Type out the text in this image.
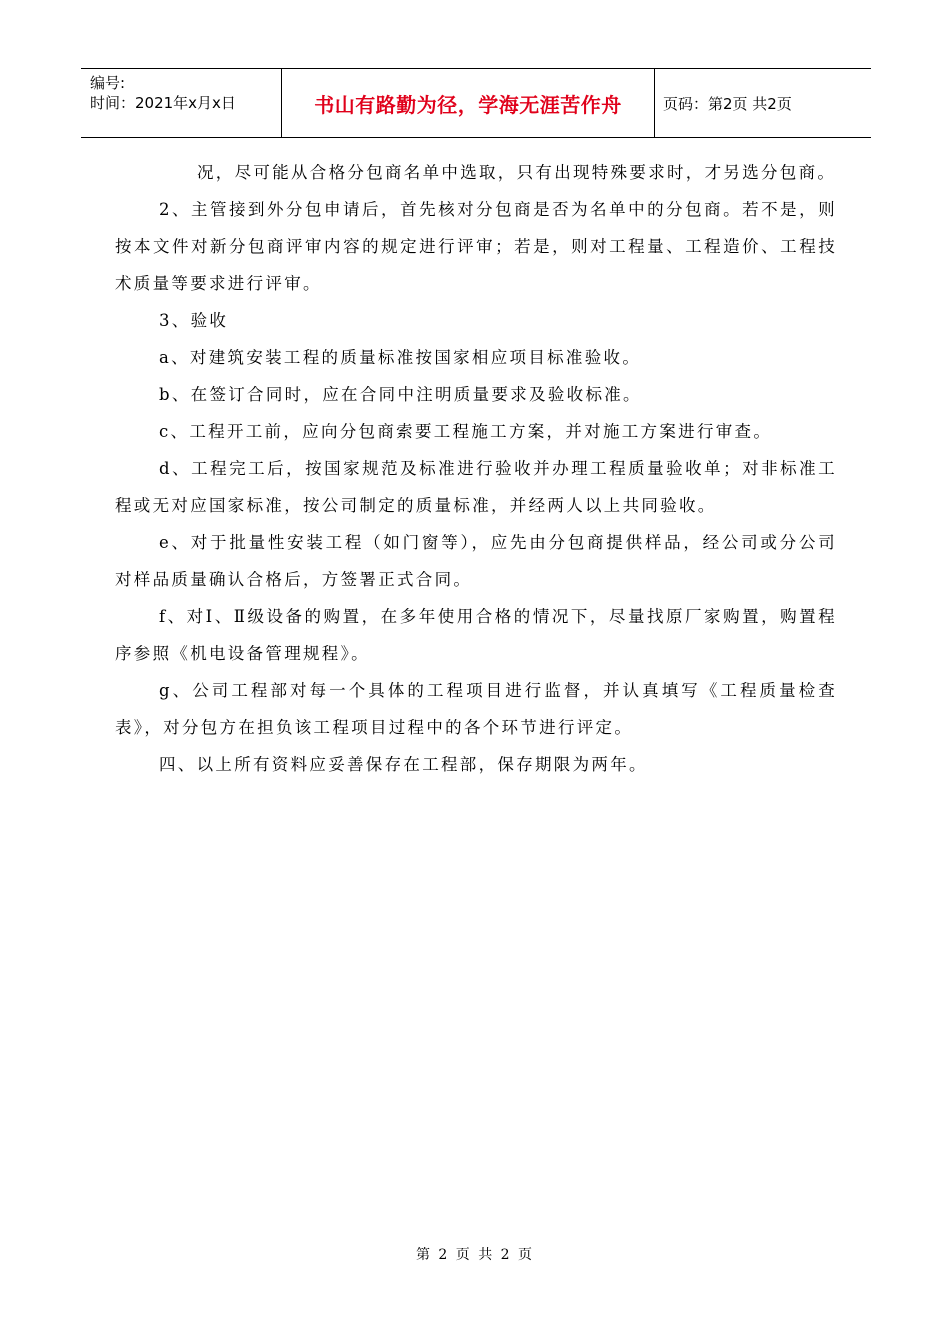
编号:
时间：2021年x月x日	书山有路勤为径，学海无涯苦作舟	页码：第2页 共2页

况，尽可能从合格分包商名单中选取，只有出现特殊要求时，才另选分包商。

2、主管接到外分包申请后，首先核对分包商是否为名单中的分包商。若不是，则按本文件对新分包商评审内容的规定进行评审；若是，则对工程量、工程造价、工程技术质量等要求进行评审。

3、验收

a、对建筑安装工程的质量标准按国家相应项目标准验收。

b、在签订合同时，应在合同中注明质量要求及验收标准。

c、工程开工前，应向分包商索要工程施工方案，并对施工方案进行审查。

d、工程完工后，按国家规范及标准进行验收并办理工程质量验收单；对非标准工程或无对应国家标准，按公司制定的质量标准，并经两人以上共同验收。

e、对于批量性安装工程（如门窗等），应先由分包商提供样品，经公司或分公司对样品质量确认合格后，方签署正式合同。

f、对Ⅰ、Ⅱ级设备的购置，在多年使用合格的情况下，尽量找原厂家购置，购置程序参照《机电设备管理规程》。

g、公司工程部对每一个具体的工程项目进行监督，并认真填写《工程质量检查表》，对分包方在担负该工程项目过程中的各个环节进行评定。

四、以上所有资料应妥善保存在工程部，保存期限为两年。

第 2 页 共 2 页
